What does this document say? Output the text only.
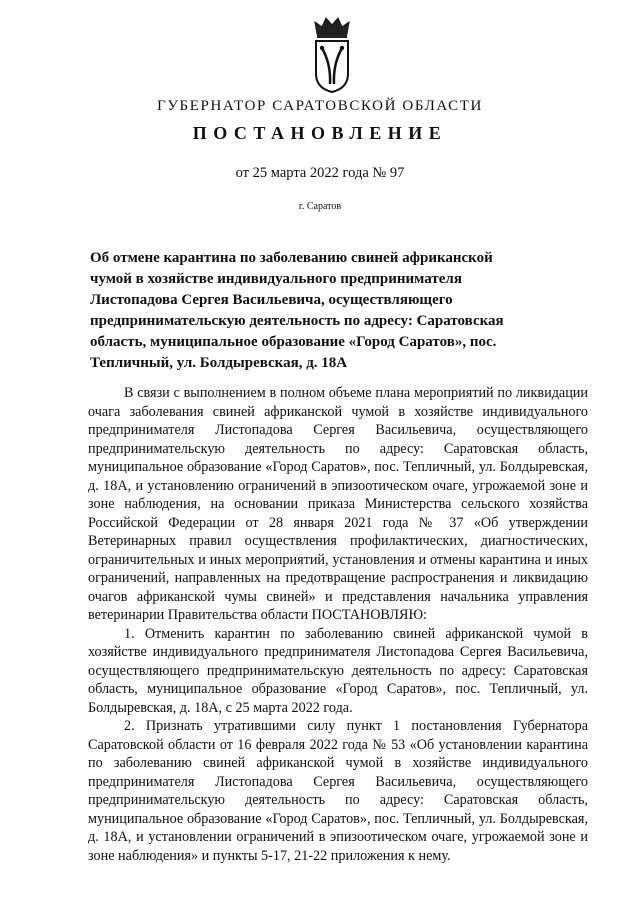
ГУБЕРНАТОР САРАТОВСКОЙ ОБЛАСТИ
ПОСТАНОВЛЕНИЕ
от 25 марта 2022 года № 97
г. Саратов

Об отмене карантина по заболеванию свиней африканской чумой в хозяйстве индивидуального предпринимателя Листопадова Сергея Васильевича, осуществляющего предпринимательскую деятельность по адресу: Саратовская область, муниципальное образование «Город Саратов», пос. Тепличный, ул. Болдыревская, д. 18А

В связи с выполнением в полном объеме плана мероприятий по ликвидации очага заболевания свиней африканской чумой в хозяйстве индивидуального предпринимателя Листопадова Сергея Васильевича, осуществляющего предпринимательскую деятельность по адресу: Саратовская область, муниципальное образование «Город Саратов», пос. Тепличный, ул. Болдыревская, д. 18А, и установлению ограничений в эпизоотическом очаге, угрожаемой зоне и зоне наблюдения, на основании приказа Министерства сельского хозяйства Российской Федерации от 28 января 2021 года № 37 «Об утверждении Ветеринарных правил осуществления профилактических, диагностических, ограничительных и иных мероприятий, установления и отмены карантина и иных ограничений, направленных на предотвращение распространения и ликвидацию очагов африканской чумы свиней» и представления начальника управления ветеринарии Правительства области ПОСТАНОВЛЯЮ:

1. Отменить карантин по заболеванию свиней африканской чумой в хозяйстве индивидуального предпринимателя Листопадова Сергея Васильевича, осуществляющего предпринимательскую деятельность по адресу: Саратовская область, муниципальное образование «Город Саратов», пос. Тепличный, ул. Болдыревская, д. 18А, с 25 марта 2022 года.

2. Признать утратившими силу пункт 1 постановления Губернатора Саратовской области от 16 февраля 2022 года № 53 «Об установлении карантина по заболеванию свиней африканской чумой в хозяйстве индивидуального предпринимателя Листопадова Сергея Васильевича, осуществляющего предпринимательскую деятельность по адресу: Саратовская область, муниципальное образование «Город Саратов», пос. Тепличный, ул. Болдыревская, д. 18А, и установлении ограничений в эпизоотическом очаге, угрожаемой зоне и зоне наблюдения» и пункты 5-17, 21-22 приложения к нему.
